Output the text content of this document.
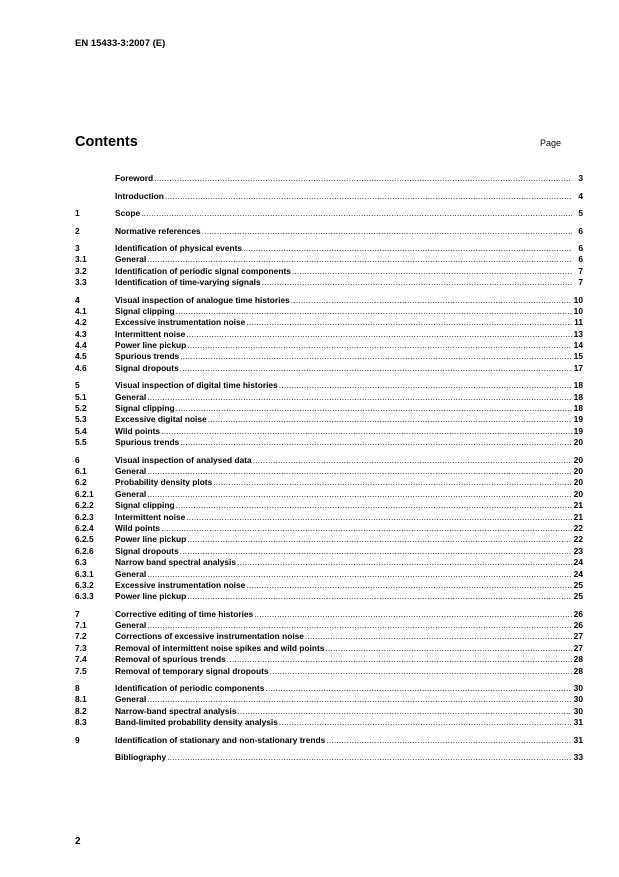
EN 15433-3:2007 (E)
Contents	Page
Foreword .....	3
Introduction .....	4
1	Scope .....	5
2	Normative references .....	6
3	Identification of physical events .....	6
3.1	General .....	6
3.2	Identification of periodic signal components .....	7
3.3	Identification of time-varying signals .....	7
4	Visual inspection of analogue time histories .....	10
4.1	Signal clipping .....	10
4.2	Excessive instrumentation noise .....	11
4.3	Intermittent noise .....	13
4.4	Power line pickup .....	14
4.5	Spurious trends .....	15
4.6	Signal dropouts .....	17
5	Visual inspection of digital time histories .....	18
5.1	General .....	18
5.2	Signal clipping .....	18
5.3	Excessive digital noise .....	19
5.4	Wild points .....	19
5.5	Spurious trends .....	20
6	Visual inspection of analysed data .....	20
6.1	General .....	20
6.2	Probability density plots .....	20
6.2.1	General .....	20
6.2.2	Signal clipping .....	21
6.2.3	Intermittent noise .....	21
6.2.4	Wild points .....	22
6.2.5	Power line pickup .....	22
6.2.6	Signal dropouts .....	23
6.3	Narrow band spectral analysis .....	24
6.3.1	General .....	24
6.3.2	Excessive instrumentation noise .....	25
6.3.3	Power line pickup .....	25
7	Corrective editing of time histories .....	26
7.1	General .....	26
7.2	Corrections of excessive instrumentation noise .....	27
7.3	Removal of intermittent noise spikes and wild points .....	27
7.4	Removal of spurious trends .....	28
7.5	Removal of temporary signal dropouts .....	28
8	Identification of periodic components .....	30
8.1	General .....	30
8.2	Narrow-band spectral analysis .....	30
8.3	Band-limited probability density analysis .....	31
9	Identification of stationary and non-stationary trends .....	31
Bibliography .....	33
2
